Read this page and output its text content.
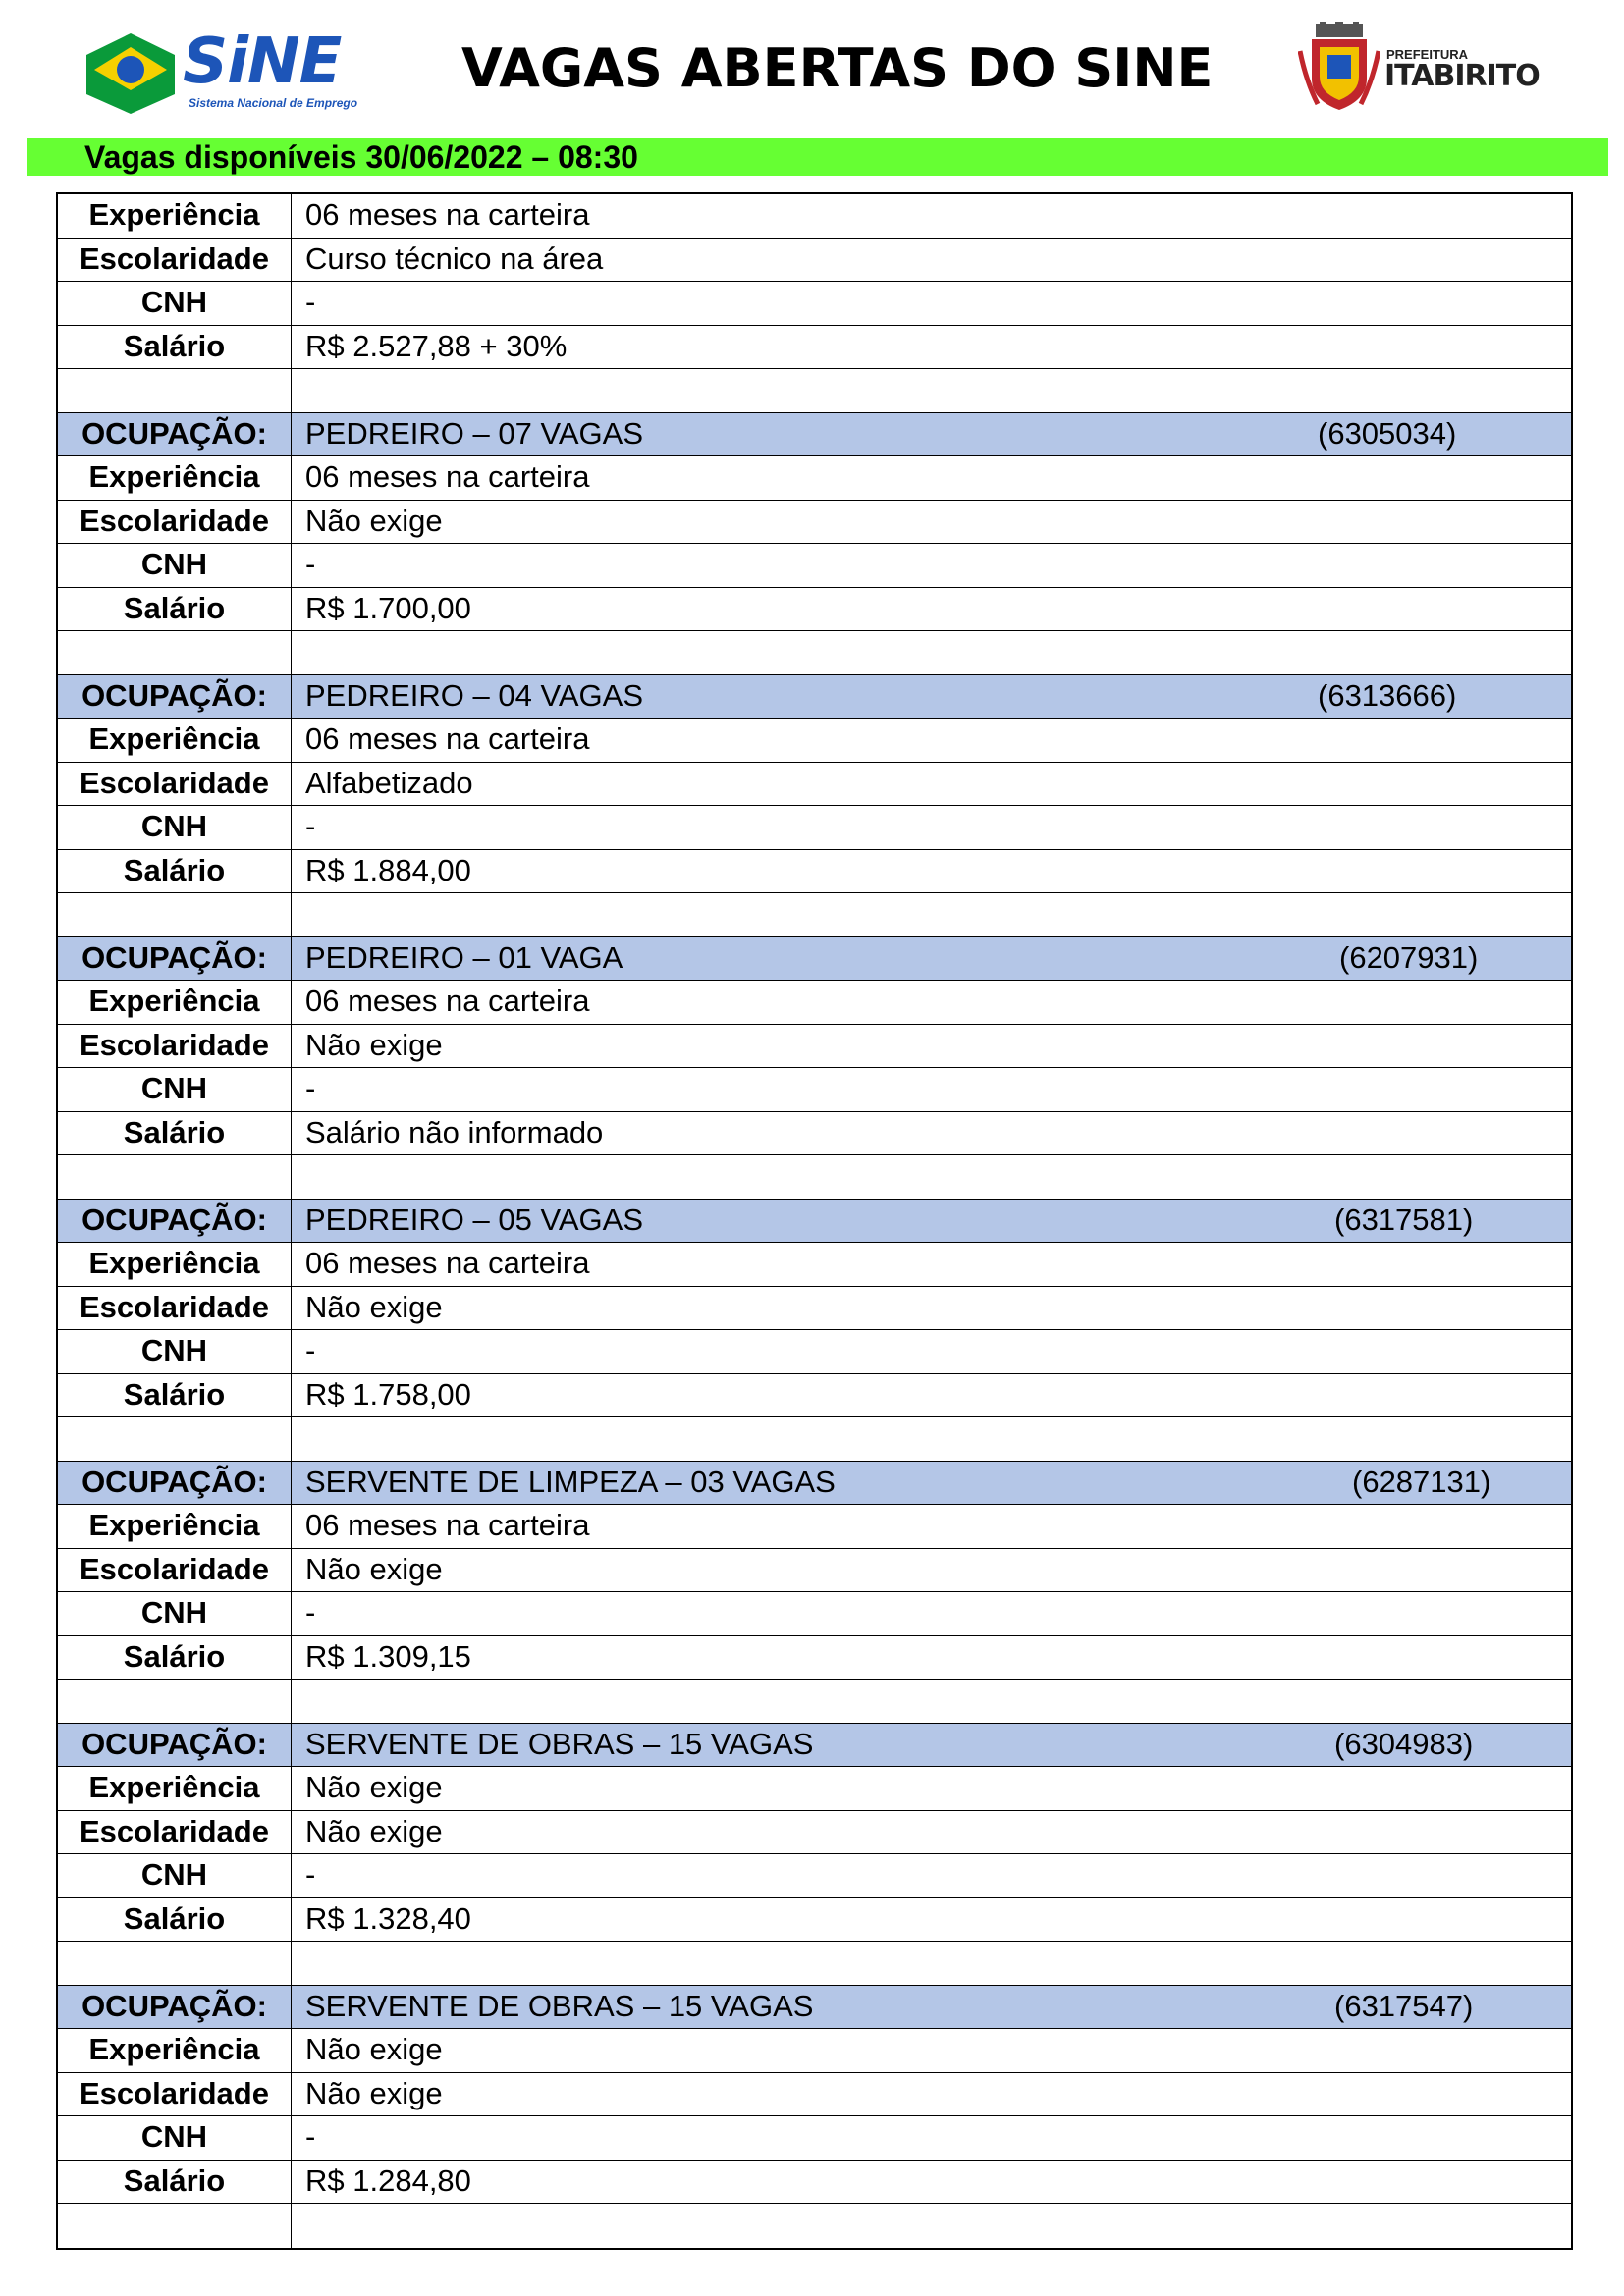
SiNE
Sistema Nacional de Emprego
VAGAS ABERTAS DO SINE	PREFEITURA
ITABIRITO
Vagas disponíveis 30/06/2022 – 08:30
Experiência	06 meses na carteira
Escolaridade	Curso técnico na área
CNH	-
Salário	R$ 2.527,88 + 30%
OCUPAÇÃO:	PEDREIRO – 07 VAGAS	(6305034)
Experiência	06 meses na carteira
Escolaridade	Não exige
CNH	-
Salário	R$ 1.700,00
OCUPAÇÃO:	PEDREIRO – 04 VAGAS	(6313666)
Experiência	06 meses na carteira
Escolaridade	Alfabetizado
CNH	-
Salário	R$ 1.884,00
OCUPAÇÃO:	PEDREIRO – 01 VAGA	(6207931)
Experiência	06 meses na carteira
Escolaridade	Não exige
CNH	-
Salário	Salário não informado
OCUPAÇÃO:	PEDREIRO – 05 VAGAS	(6317581)
Experiência	06 meses na carteira
Escolaridade	Não exige
CNH	-
Salário	R$ 1.758,00
OCUPAÇÃO:	SERVENTE DE LIMPEZA – 03 VAGAS	(6287131)
Experiência	06 meses na carteira
Escolaridade	Não exige
CNH	-
Salário	R$ 1.309,15
OCUPAÇÃO:	SERVENTE DE OBRAS – 15 VAGAS	(6304983)
Experiência	Não exige
Escolaridade	Não exige
CNH	-
Salário	R$ 1.328,40
OCUPAÇÃO:	SERVENTE DE OBRAS – 15 VAGAS	(6317547)
Experiência	Não exige
Escolaridade	Não exige
CNH	-
Salário	R$ 1.284,80
